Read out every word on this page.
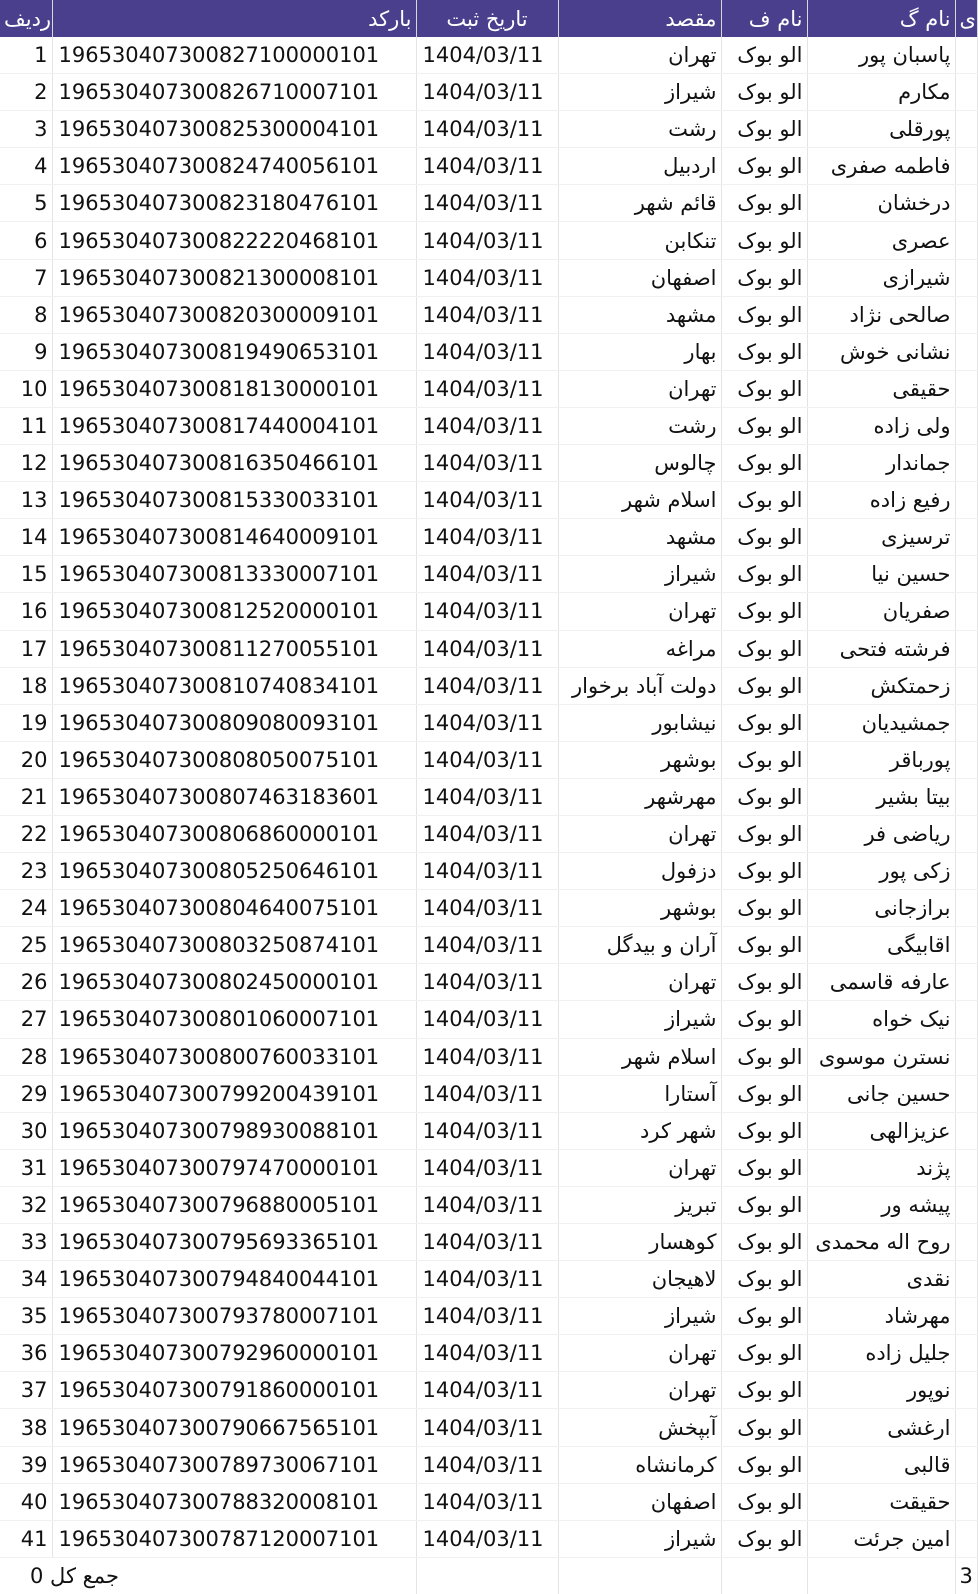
ردیف	بارکد	تاریخ ثبت	مقصد	نام ف	نام گ	ی
1	196530407300827100000101	1404/03/11	تهران	الو بوک	پاسبان پور	
2	196530407300826710007101	1404/03/11	شیراز	الو بوک	مکارم	
3	196530407300825300004101	1404/03/11	رشت	الو بوک	پورقلی	
4	196530407300824740056101	1404/03/11	اردبیل	الو بوک	فاطمه صفری	
5	196530407300823180476101	1404/03/11	قائم شهر	الو بوک	درخشان	
6	196530407300822220468101	1404/03/11	تنکابن	الو بوک	عصری	
7	196530407300821300008101	1404/03/11	اصفهان	الو بوک	شیرازی	
8	196530407300820300009101	1404/03/11	مشهد	الو بوک	صالحی نژاد	
9	196530407300819490653101	1404/03/11	بهار	الو بوک	نشانی خوش	
10	196530407300818130000101	1404/03/11	تهران	الو بوک	حقیقی	
11	196530407300817440004101	1404/03/11	رشت	الو بوک	ولی زاده	
12	196530407300816350466101	1404/03/11	چالوس	الو بوک	جماندار	
13	196530407300815330033101	1404/03/11	اسلام شهر	الو بوک	رفیع زاده	
14	196530407300814640009101	1404/03/11	مشهد	الو بوک	ترسیزی	
15	196530407300813330007101	1404/03/11	شیراز	الو بوک	حسین نیا	
16	196530407300812520000101	1404/03/11	تهران	الو بوک	صفریان	
17	196530407300811270055101	1404/03/11	مراغه	الو بوک	فرشته فتحی	
18	196530407300810740834101	1404/03/11	دولت آباد برخوار	الو بوک	زحمتکش	
19	196530407300809080093101	1404/03/11	نیشابور	الو بوک	جمشیدیان	
20	196530407300808050075101	1404/03/11	بوشهر	الو بوک	پورباقر	
21	196530407300807463183601	1404/03/11	مهرشهر	الو بوک	بیتا بشیر	
22	196530407300806860000101	1404/03/11	تهران	الو بوک	ریاضی فر	
23	196530407300805250646101	1404/03/11	دزفول	الو بوک	زکی پور	
24	196530407300804640075101	1404/03/11	بوشهر	الو بوک	برازجانی	
25	196530407300803250874101	1404/03/11	آران و بیدگل	الو بوک	اقابیگی	
26	196530407300802450000101	1404/03/11	تهران	الو بوک	عارفه قاسمی	
27	196530407300801060007101	1404/03/11	شیراز	الو بوک	نیک خواه	
28	196530407300800760033101	1404/03/11	اسلام شهر	الو بوک	نسترن موسوی	
29	196530407300799200439101	1404/03/11	آستارا	الو بوک	حسین جانی	
30	196530407300798930088101	1404/03/11	شهر کرد	الو بوک	عزیزالهی	
31	196530407300797470000101	1404/03/11	تهران	الو بوک	پژند	
32	196530407300796880005101	1404/03/11	تبریز	الو بوک	پیشه ور	
33	196530407300795693365101	1404/03/11	کوهسار	الو بوک	روح اله محمدی	
34	196530407300794840044101	1404/03/11	لاهیجان	الو بوک	نقدی	
35	196530407300793780007101	1404/03/11	شیراز	الو بوک	مهرشاد	
36	196530407300792960000101	1404/03/11	تهران	الو بوک	جلیل زاده	
37	196530407300791860000101	1404/03/11	تهران	الو بوک	نوپور	
38	196530407300790667565101	1404/03/11	آبپخش	الو بوک	ارغشی	
39	196530407300789730067101	1404/03/11	کرمانشاه	الو بوک	قالبی	
40	196530407300788320008101	1404/03/11	اصفهان	الو بوک	حقیقت	
41	196530407300787120007101	1404/03/11	شیراز	الو بوک	امین جرئت	
جمع کل 0						3
